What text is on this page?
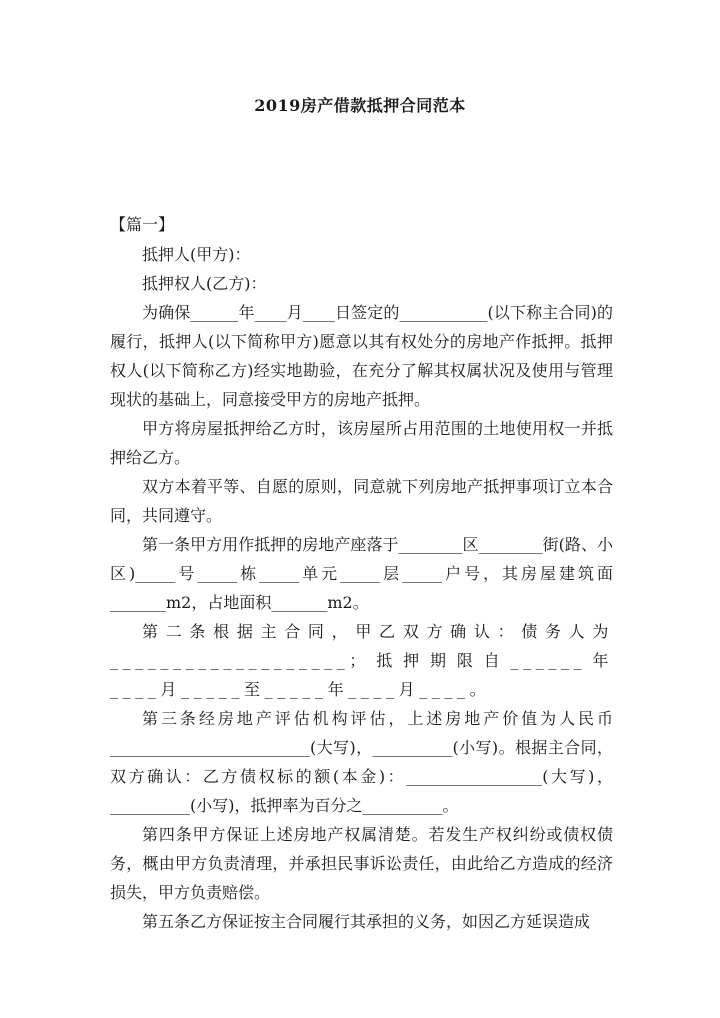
2019房产借款抵押合同范本
【篇一】

抵押人(甲方)：

抵押权人(乙方)：

为确保______年____月____日签定的___________(以下称主合同)的履行，抵押人(以下简称甲方)愿意以其有权处分的房地产作抵押。抵押权人(以下简称乙方)经实地勘验，在充分了解其权属状况及使用与管理现状的基础上，同意接受甲方的房地产抵押。

甲方将房屋抵押给乙方时，该房屋所占用范围的土地使用权一并抵押给乙方。

双方本着平等、自愿的原则，同意就下列房地产抵押事项订立本合同，共同遵守。

第一条甲方用作抵押的房地产座落于________区________街(路、小区)_____号_____栋_____单元_____层_____户号，其房屋建筑面_______m2，占地面积_______m2。

第二条根据主合同，甲乙双方确认：债务人为___________________；抵押期限自______年____月_____至_____年____月____。

第三条经房地产评估机构评估，上述房地产价值为人民币_________________________(大写)，__________(小写)。根据主合同，双方确认：乙方债权标的额(本金)：_________________(大写)，__________(小写)，抵押率为百分之__________。

第四条甲方保证上述房地产权属清楚。若发生产权纠纷或债权债务，概由甲方负责清理，并承担民事诉讼责任，由此给乙方造成的经济损失，甲方负责赔偿。

第五条乙方保证按主合同履行其承担的义务，如因乙方延误造成
